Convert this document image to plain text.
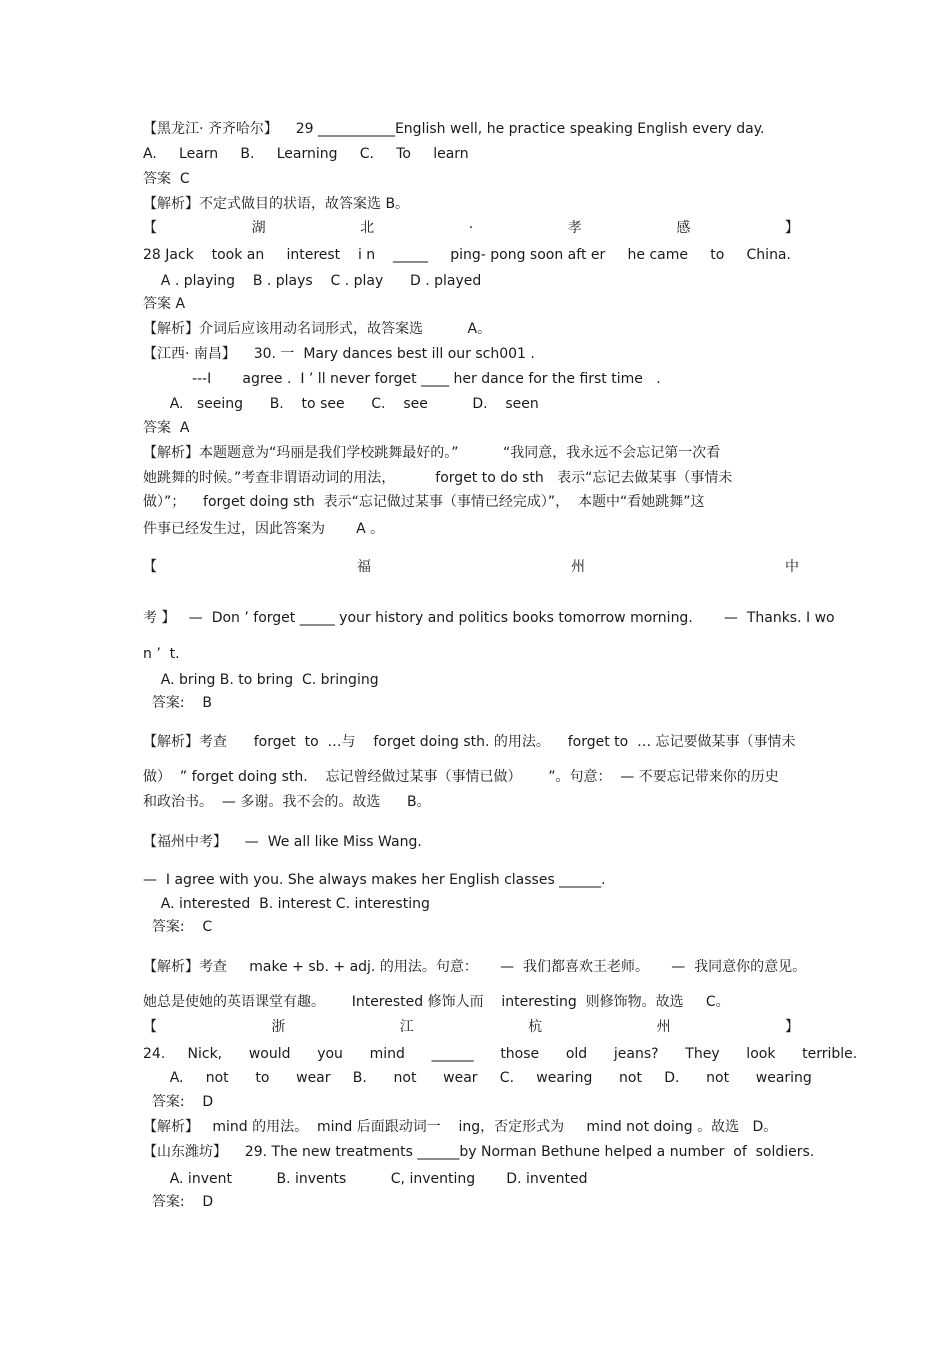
【黑龙江· 齐齐哈尔】    29 ___________English well, he practice speaking English every day.
A.     Learn     B.     Learning     C.     To     learn
答案  C
【解析】不定式做目的状语，故答案选 B。
【	湖	北	·	孝	感	】
28 Jack    took an     interest    i n    _____     ping- pong soon aft er     he came     to     China.
A . playing    B . plays    C . play      D . played
答案 A
【解析】介词后应该用动名词形式，故答案选          A。
【江西· 南昌】    30. 一  Mary dances best ill our sch001 .
---I       agree .  I ’ ll never forget ____ her dance for the first time   .
A.   seeing      B.    to see      C.    see          D.    seen
答案  A
【解析】本题题意为“玛丽是我们学校跳舞最好的。”          “我同意，我永远不会忘记第一次看
她跳舞的时候。”考查非谓语动词的用法，         forget to do sth   表示“忘记去做某事（事情未
做）”；    forget doing sth  表示“忘记做过某事（事情已经完成）”，  本题中“看她跳舞”这
件事已经发生过，因此答案为       A 。
【	福	州	中
考 】   —  Don ’ forget _____ your history and politics books tomorrow morning.       —  Thanks. I wo
n ’  t.
A. bring B. to bring  C. bringing
答案:    B
【解析】考查      forget  to  …与    forget doing sth. 的用法。    forget to  … 忘记要做某事（事情未
做）  ” forget doing sth.    忘记曾经做过某事（事情已做）      ”。句意：  — 不要忘记带来你的历史
和政治书。  — 多谢。我不会的。故选      B。
【福州中考】    —  We all like Miss Wang.
—  I agree with you. She always makes her English classes ______.
A. interested  B. interest C. interesting
答案:    C
【解析】考查     make + sb. + adj. 的用法。句意：     —  我们都喜欢王老师。     —  我同意你的意见。
她总是使她的英语课堂有趣。      Interested 修饰人而    interesting  则修饰物。故选     C。
【	浙	江	杭	州	】
24.     Nick,      would      you      mind      ______      those      old      jeans?      They      look      terrible.
A.     not      to      wear     B.      not      wear     C.     wearing      not     D.      not      wearing
答案:    D
【解析】   mind 的用法。  mind 后面跟动词一    ing，否定形式为     mind not doing 。故选   D。
【山东潍坊】    29. The new treatments ______by Norman Bethune helped a number  of  soldiers.
A. invent          B. invents          C, inventing       D. invented
答案:    D
